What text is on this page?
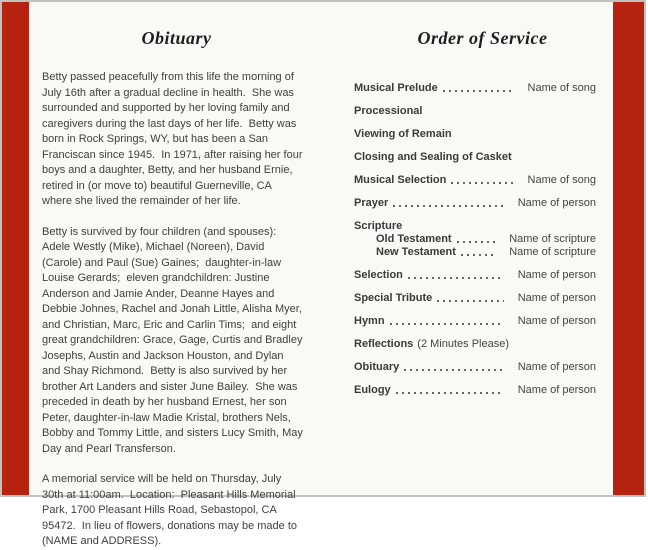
Obituary

Betty passed peacefully from this life the morning of July 16th after a gradual decline in health.  She was surrounded and supported by her loving family and caregivers during the last days of her life.  Betty was born in Rock Springs, WY, but has been a San Franciscan since 1945.  In 1971, after raising her four boys and a daughter, Betty, and her husband Ernie, retired in (or move to) beautiful Guerneville, CA where she lived the remainder of her life.

Betty is survived by four children (and spouses): Adele Westly (Mike), Michael (Noreen), David (Carole) and Paul (Sue) Gaines;  daughter-in-law Louise Gerards;  eleven grandchildren: Justine Anderson and Jamie Ander, Deanne Hayes and Debbie Johnes, Rachel and Jonah Little, Alisha Myer, and Christian, Marc, Eric and Carlin Tims;  and eight great grandchildren: Grace, Gage, Curtis and Bradley Josephs, Austin and Jackson Houston, and Dylan and Shay Richmond.  Betty is also survived by her brother Art Landers and sister June Bailey.  She was preceded in death by her husband Ernest, her son Peter, daughter-in-law Madie Kristal, brothers Nels, Bobby and Tommy Little, and sisters Lucy Smith, May Day and Pearl Transferson.

A memorial service will be held on Thursday, July 30th at 11:00am.  Location:  Pleasant Hills Memorial Park, 1700 Pleasant Hills Road, Sebastopol, CA 95472.  In lieu of flowers, donations may be made to (NAME and ADDRESS).

Order of Service
Musical Prelude	Name of song
Processional
Viewing of Remain
Closing and Sealing of Casket
Musical Selection	Name of song
Prayer	Name of person
Scripture
Old Testament	Name of scripture
New Testament	Name of scripture
Selection	Name of person
Special Tribute	Name of person
Hymn	Name of person
Reflections (2 Minutes Please)
Obituary	Name of person
Eulogy	Name of person
